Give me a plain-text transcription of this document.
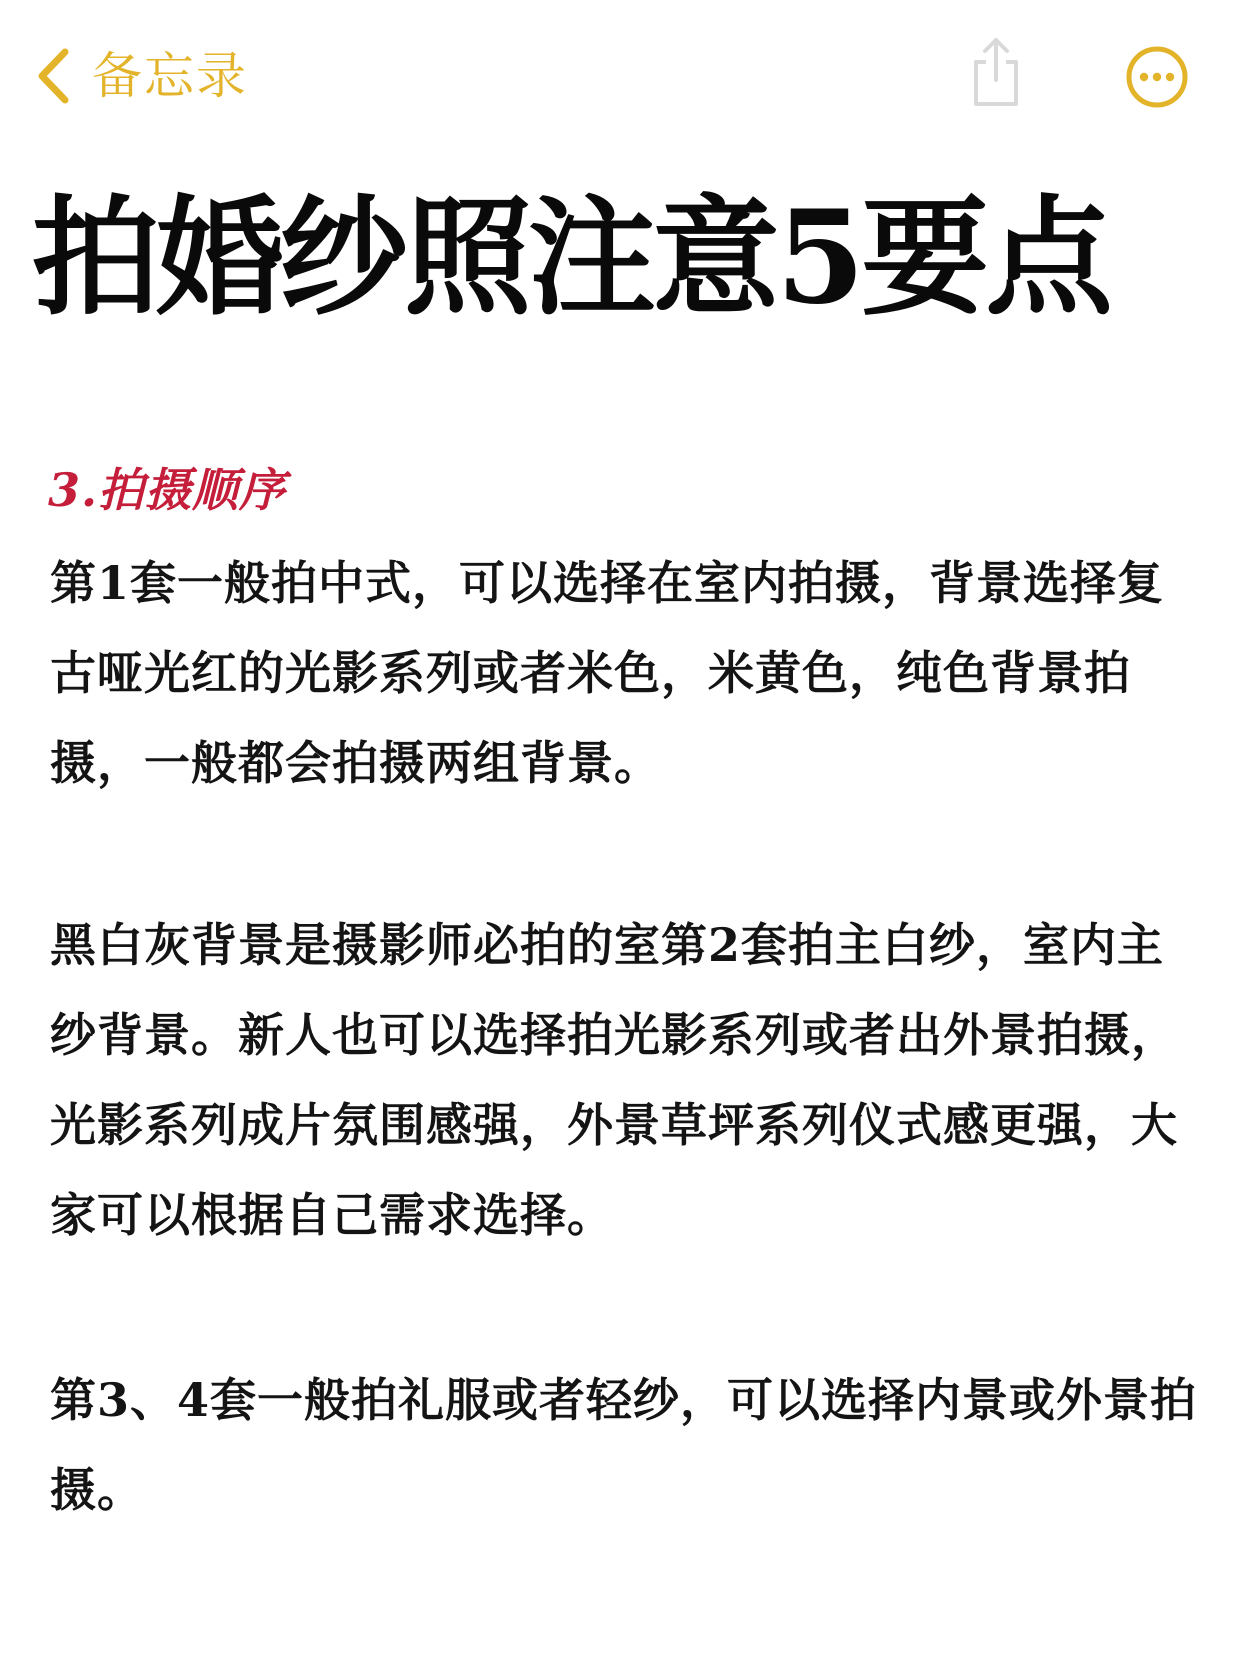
备忘录
拍婚纱照注意5要点
3.拍摄顺序

第1套一般拍中式，可以选择在室内拍摄，背景选择复古哑光红的光影系列或者米色，米黄色，纯色背景拍摄，一般都会拍摄两组背景。

黑白灰背景是摄影师必拍的室第2套拍主白纱，室内主纱背景。新人也可以选择拍光影系列或者出外景拍摄，光影系列成片氛围感强，外景草坪系列仪式感更强，大家可以根据自己需求选择。

第3、4套一般拍礼服或者轻纱，可以选择内景或外景拍摄。
